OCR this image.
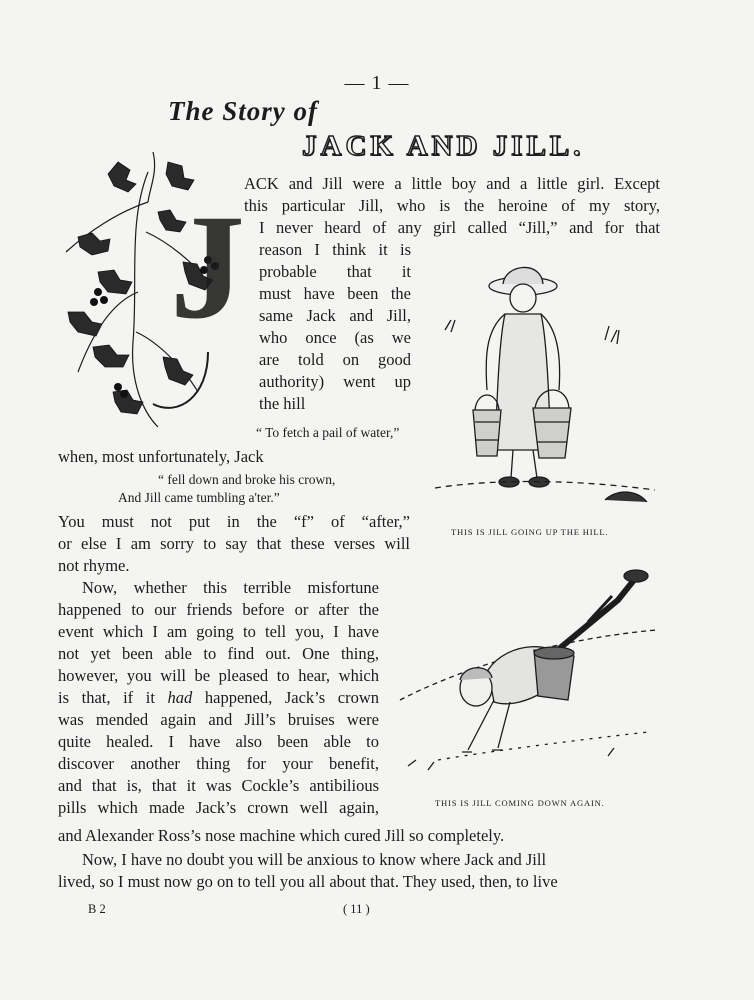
— 1 —
The Story of
JACK AND JILL.
J
ACK and Jill were a little boy and a little girl. Except
this particular Jill, who is the heroine of my story,
I never heard of any girl called “Jill,” and for that
reason I think it is
probable that it
must have been the
same Jack and Jill,
who once (as we
are told on good
authority) went up
the hill
“ To fetch a pail of water,”
when, most unfortunately, Jack
“ fell down and broke his crown,
And Jill came tumbling a'ter.”
You must not put in the “f” of “after,”
or else I am sorry to say that these verses will
not rhyme.
Now, whether this terrible misfortune
happened to our friends before or after the
event which I am going to tell you, I have
not yet been able to find out. One thing,
however, you will be pleased to hear, which
is that, if it had happened, Jack’s crown
was mended again and Jill’s bruises were
quite healed. I have also been able to
discover another thing for your benefit,
and that is, that it was Cockle’s antibilious
pills which made Jack’s crown well again,
and Alexander Ross’s nose machine which cured Jill so completely.
Now, I have no doubt you will be anxious to know where Jack and Jill
lived, so I must now go on to tell you all about that. They used, then, to live
THIS IS JILL GOING UP THE HILL.
THIS IS JILL COMING DOWN AGAIN.
B 2	( 11 )
